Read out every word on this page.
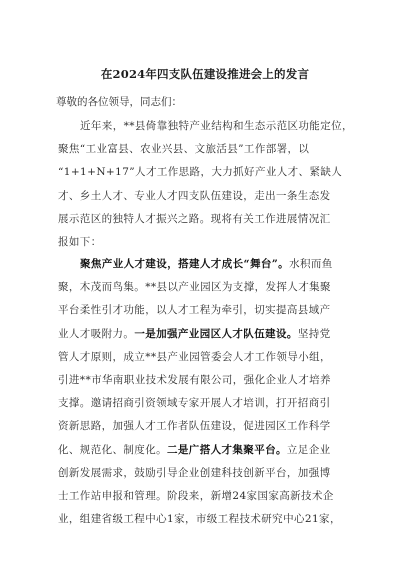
在2024年四支队伍建设推进会上的发言
尊敬的各位领导，同志们：
近年来，**县倚靠独特产业结构和生态示范区功能定位，
聚焦“工业富县、农业兴县、文旅活县”工作部署，以
“1+1+N+17”人才工作思路，大力抓好产业人才、紧缺人
才、乡土人才、专业人才四支队伍建设，走出一条生态发
展示范区的独特人才振兴之路。现将有关工作进展情况汇
报如下：
聚焦产业人才建设，搭建人才成长“舞台”。水积而鱼
聚，木茂而鸟集。**县以产业园区为支撑，发挥人才集聚
平台柔性引才功能，以人才工程为牵引，切实提高县域产
业人才吸附力。一是加强产业园区人才队伍建设。坚持党
管人才原则，成立**县产业园管委会人才工作领导小组，
引进**市华南职业技术发展有限公司，强化企业人才培养
支撑。邀请招商引资领域专家开展人才培训，打开招商引
资新思路，加强人才工作者队伍建设，促进园区工作科学
化、规范化、制度化。二是广搭人才集聚平台。立足企业
创新发展需求，鼓励引导企业创建科技创新平台，加强博
士工作站申报和管理。阶段来，新增24家国家高新技术企
业，组建省级工程中心1家，市级工程技术研究中心21家，
